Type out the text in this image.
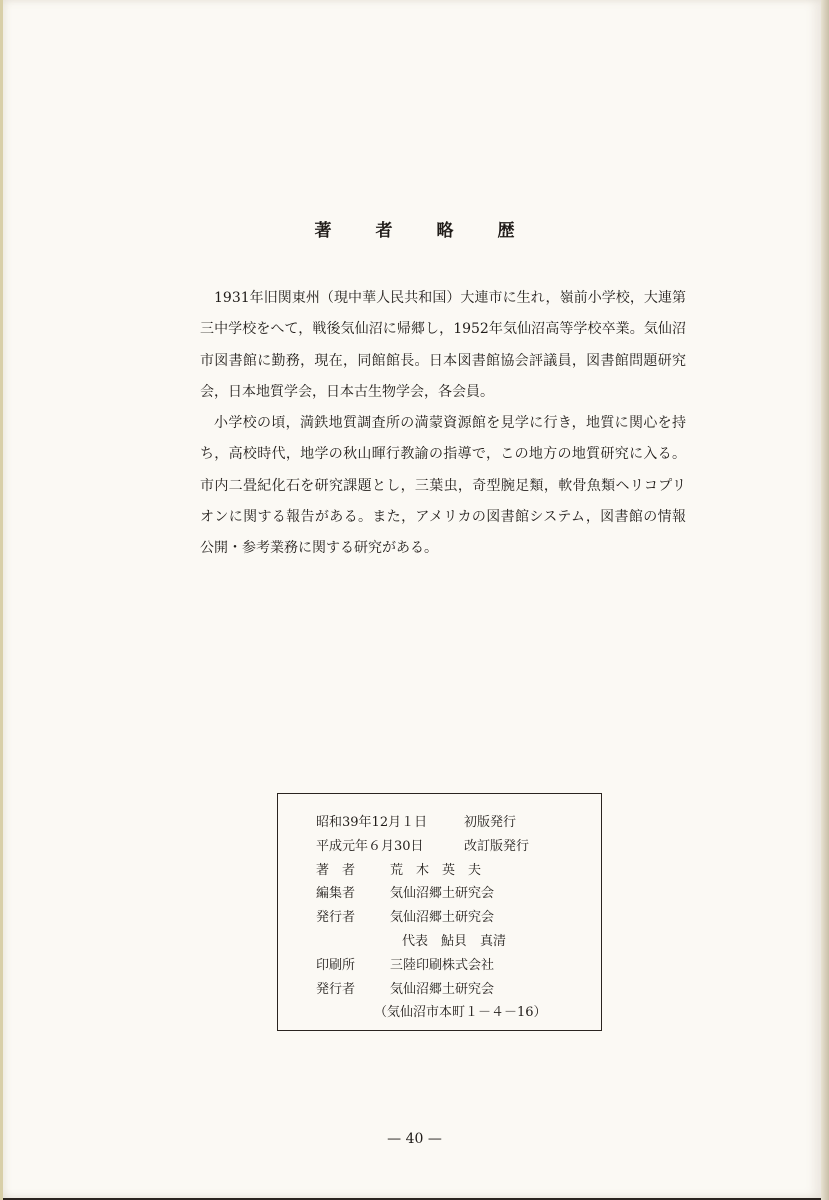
著者略歴

1931年旧関東州（現中華人民共和国）大連市に生れ，嶺前小学校，大連第三中学校をへて，戦後気仙沼に帰郷し，1952年気仙沼高等学校卒業。気仙沼市図書館に勤務，現在，同館館長。日本図書館協会評議員，図書館問題研究会，日本地質学会，日本古生物学会，各会員。

小学校の頃，満鉄地質調査所の満蒙資源館を見学に行き，地質に関心を持ち，高校時代，地学の秋山暉行教諭の指導で，この地方の地質研究に入る。市内二畳紀化石を研究課題とし，三葉虫，奇型腕足類，軟骨魚類ヘリコプリオンに関する報告がある。また，アメリカの図書館システム，図書館の情報公開・参考業務に関する研究がある。

昭和39年12月１日	初版発行
平成元年６月30日	改訂版発行
著　者	荒　木　英　夫
編集者	気仙沼郷土研究会
発行者	気仙沼郷土研究会
代表　鮎貝　真清
印刷所	三陸印刷株式会社
発行者	気仙沼郷土研究会
（気仙沼市本町１－４－16）
— 40 —
